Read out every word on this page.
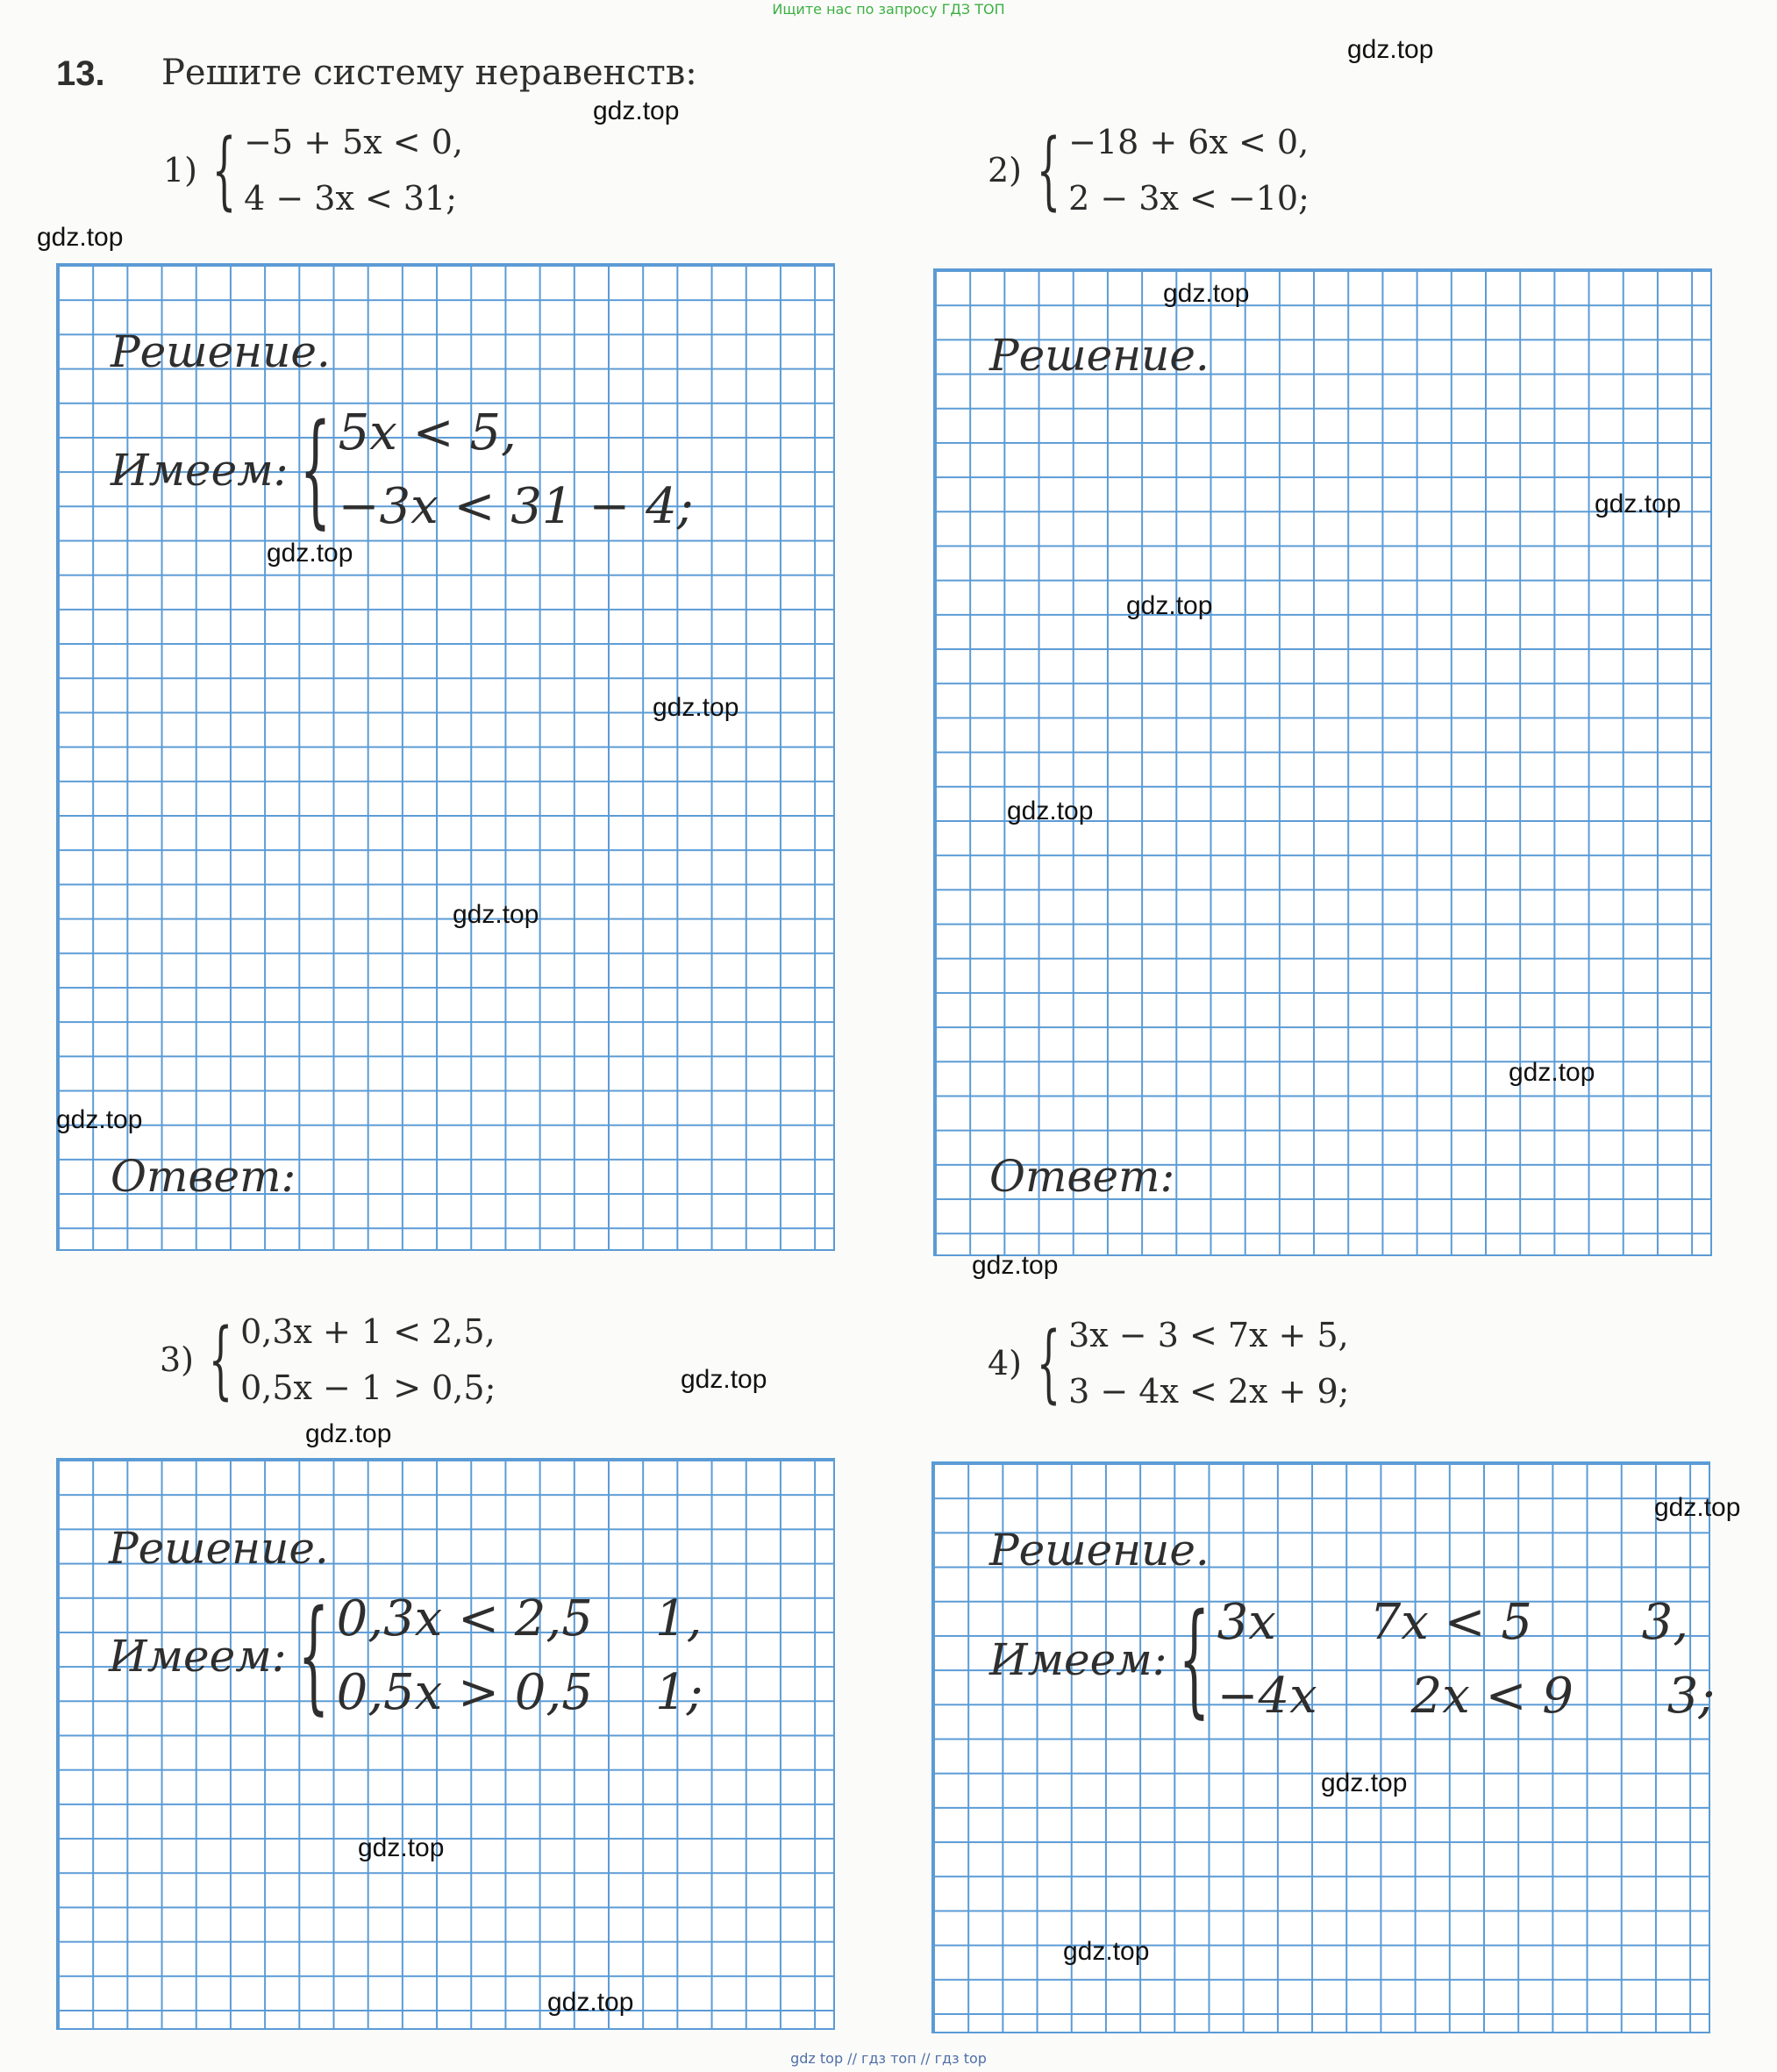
Ищите нас по запросу ГДЗ ТОП
gdz top // гдз топ // гдз top
13. Решите систему неравенств:
1) { −5 + 5x < 0,
4 − 3x < 31;
2) { −18 + 6x < 0,
2 − 3x < −10;
Решение.
Имеем: { 5x < 5,
−3x < 31 − 4;
Ответ:
Решение.
Ответ:
3) { 0,3x + 1 < 2,5,
0,5x − 1 > 0,5;
4) { 3x − 3 < 7x + 5,
3 − 4x < 2x + 9;
Решение.
Имеем: { 0,3x < 2,5    1,
0,5x > 0,5    1;
Решение.
Имеем: { 3x      7x < 5       3,
−4x      2x < 9      3;
gdz.top
gdz.top
gdz.top
gdz.top
gdz.top
gdz.top
gdz.top
gdz.top
gdz.top
gdz.top
gdz.top
gdz.top
gdz.top
gdz.top
gdz.top
gdz.top
gdz.top
gdz.top
gdz.top
gdz.top
